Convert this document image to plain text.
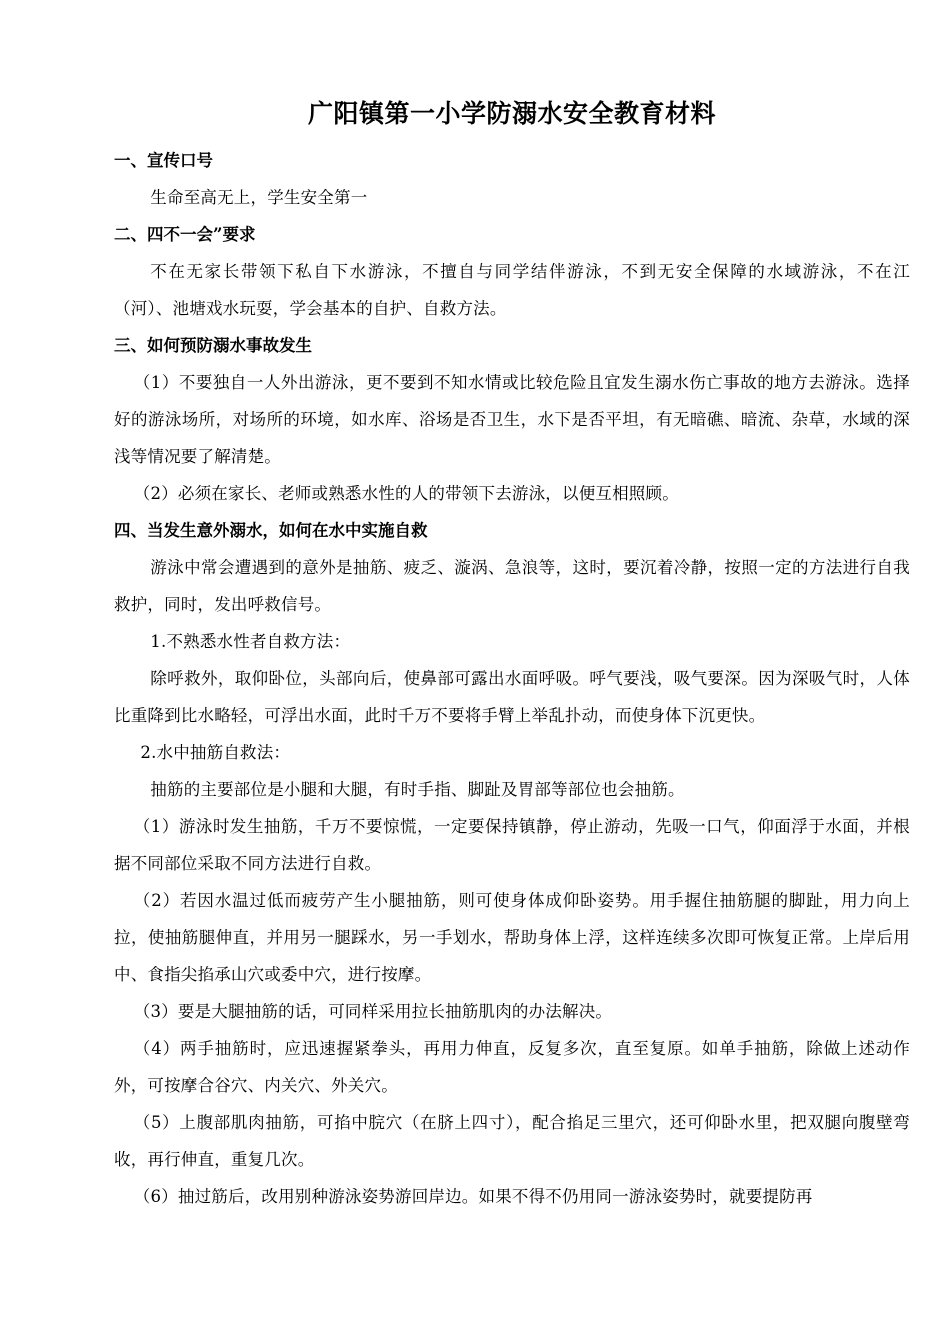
广阳镇第一小学防溺水安全教育材料

一、宣传口号

生命至高无上，学生安全第一

二、四不一会”要求

不在无家长带领下私自下水游泳，不擅自与同学结伴游泳，不到无安全保障的水域游泳，不在江（河）、池塘戏水玩耍，学会基本的自护、自救方法。

三、如何预防溺水事故发生

（1）不要独自一人外出游泳，更不要到不知水情或比较危险且宜发生溺水伤亡事故的地方去游泳。选择好的游泳场所，对场所的环境，如水库、浴场是否卫生，水下是否平坦，有无暗礁、暗流、杂草，水域的深浅等情况要了解清楚。

（2）必须在家长、老师或熟悉水性的人的带领下去游泳，以便互相照顾。

四、当发生意外溺水，如何在水中实施自救

游泳中常会遭遇到的意外是抽筋、疲乏、漩涡、急浪等，这时，要沉着冷静，按照一定的方法进行自我救护，同时，发出呼救信号。

1.不熟悉水性者自救方法：

除呼救外，取仰卧位，头部向后，使鼻部可露出水面呼吸。呼气要浅，吸气要深。因为深吸气时，人体比重降到比水略轻，可浮出水面，此时千万不要将手臂上举乱扑动，而使身体下沉更快。

2.水中抽筋自救法：

抽筋的主要部位是小腿和大腿，有时手指、脚趾及胃部等部位也会抽筋。

（1）游泳时发生抽筋，千万不要惊慌，一定要保持镇静，停止游动，先吸一口气，仰面浮于水面，并根据不同部位采取不同方法进行自救。

（2）若因水温过低而疲劳产生小腿抽筋，则可使身体成仰卧姿势。用手握住抽筋腿的脚趾，用力向上拉，使抽筋腿伸直，并用另一腿踩水，另一手划水，帮助身体上浮，这样连续多次即可恢复正常。上岸后用中、食指尖掐承山穴或委中穴，进行按摩。

（3）要是大腿抽筋的话，可同样采用拉长抽筋肌肉的办法解决。

（4）两手抽筋时，应迅速握紧拳头，再用力伸直，反复多次，直至复原。如单手抽筋，除做上述动作外，可按摩合谷穴、内关穴、外关穴。

（5）上腹部肌肉抽筋，可掐中脘穴（在脐上四寸），配合掐足三里穴，还可仰卧水里，把双腿向腹壁弯收，再行伸直，重复几次。

（6）抽过筋后，改用别种游泳姿势游回岸边。如果不得不仍用同一游泳姿势时，就要提防再
